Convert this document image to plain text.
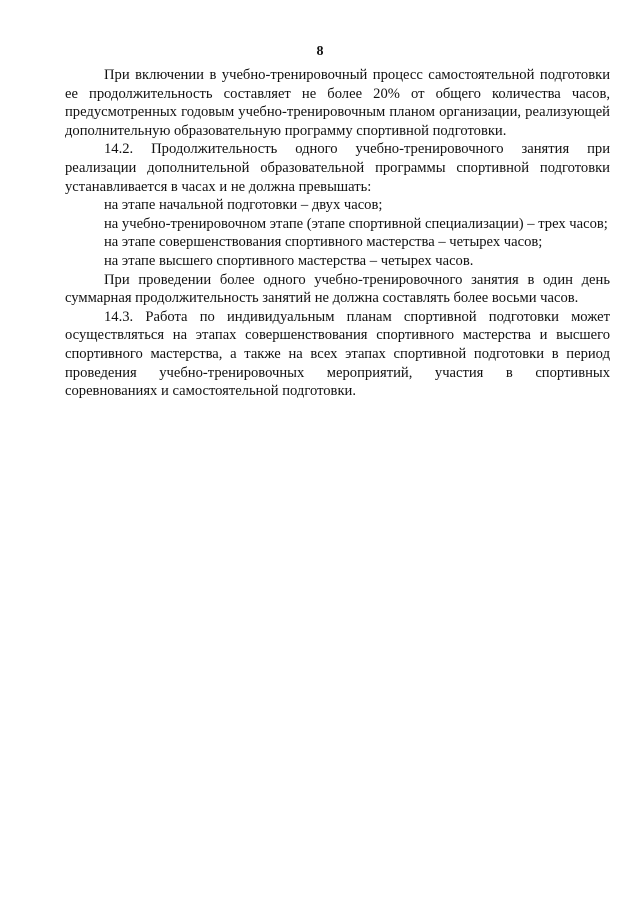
8

При включении в учебно-тренировочный процесс самостоятельной подготовки ее продолжительность составляет не более 20% от общего количества часов, предусмотренных годовым учебно-тренировочным планом организации, реализующей дополнительную образовательную программу спортивной подготовки.

14.2. Продолжительность одного учебно-тренировочного занятия при реализации дополнительной образовательной программы спортивной подготовки устанавливается в часах и не должна превышать:

на этапе начальной подготовки – двух часов;

на учебно-тренировочном этапе (этапе спортивной специализации) – трех часов;

на этапе совершенствования спортивного мастерства – четырех часов;

на этапе высшего спортивного мастерства – четырех часов.

При проведении более одного учебно-тренировочного занятия в один день суммарная продолжительность занятий не должна составлять более восьми часов.

14.3. Работа по индивидуальным планам спортивной подготовки может осуществляться на этапах совершенствования спортивного мастерства и высшего спортивного мастерства, а также на всех этапах спортивной подготовки в период проведения учебно-тренировочных мероприятий, участия в спортивных соревнованиях и самостоятельной подготовки.
